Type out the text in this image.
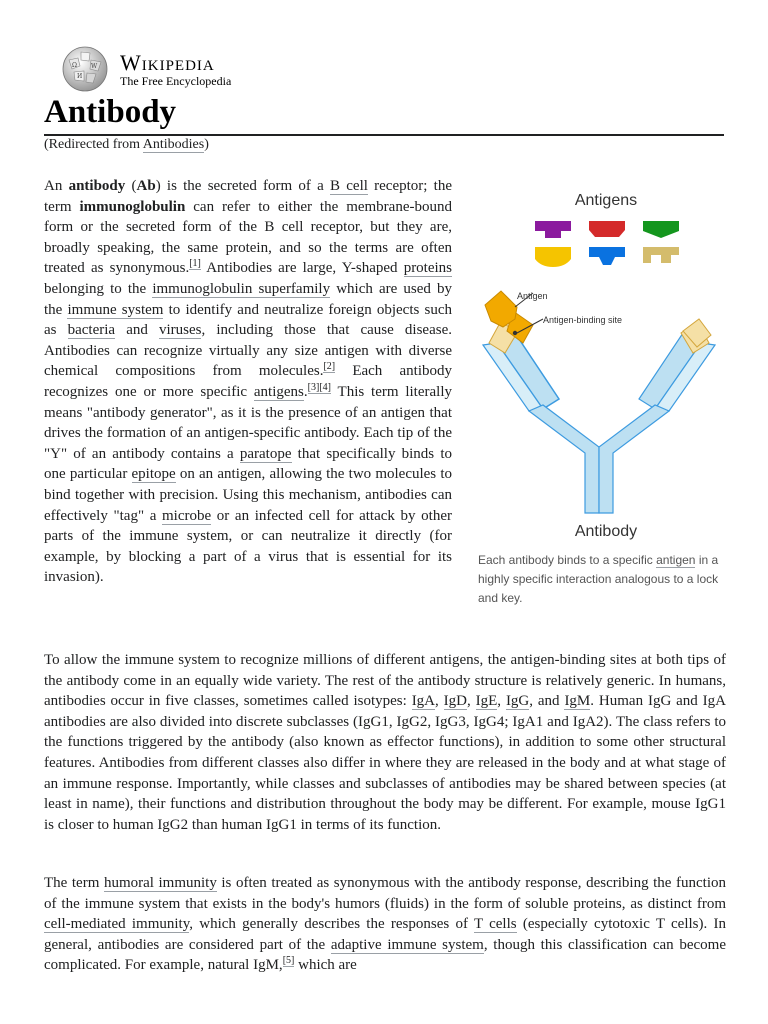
Ω W
И
Wikipedia
The Free Encyclopedia
Antibody
(Redirected from Antibodies)
Antigens
Antigen
Antigen-binding site
Antibody

Each antibody binds to a specific antigen in a highly specific interaction analogous to a lock and key.

An antibody (Ab) is the secreted form of a B cell receptor; the term immunoglobulin can refer to either the membrane-bound form or the secreted form of the B cell receptor, but they are, broadly speaking, the same protein, and so the terms are often treated as synonymous.[1] Antibodies are large, Y-shaped proteins belonging to the immunoglobulin superfamily which are used by the immune system to identify and neutralize foreign objects such as bacteria and viruses, including those that cause disease. Antibodies can recognize virtually any size antigen with diverse chemical compositions from molecules.[2] Each antibody recognizes one or more specific antigens.[3][4] This term literally means "antibody generator", as it is the presence of an antigen that drives the formation of an antigen-specific antibody. Each tip of the "Y" of an antibody contains a paratope that specifically binds to one particular epitope on an antigen, allowing the two molecules to bind together with precision. Using this mechanism, antibodies can effectively "tag" a microbe or an infected cell for attack by other parts of the immune system, or can neutralize it directly (for example, by blocking a part of a virus that is essential for its invasion).

To allow the immune system to recognize millions of different antigens, the antigen-binding sites at both tips of the antibody come in an equally wide variety. The rest of the antibody structure is relatively generic. In humans, antibodies occur in five classes, sometimes called isotypes: IgA, IgD, IgE, IgG, and IgM. Human IgG and IgA antibodies are also divided into discrete subclasses (IgG1, IgG2, IgG3, IgG4; IgA1 and IgA2). The class refers to the functions triggered by the antibody (also known as effector functions), in addition to some other structural features. Antibodies from different classes also differ in where they are released in the body and at what stage of an immune response. Importantly, while classes and subclasses of antibodies may be shared between species (at least in name), their functions and distribution throughout the body may be different. For example, mouse IgG1 is closer to human IgG2 than human IgG1 in terms of its function.

The term humoral immunity is often treated as synonymous with the antibody response, describing the function of the immune system that exists in the body's humors (fluids) in the form of soluble proteins, as distinct from cell-mediated immunity, which generally describes the responses of T cells (especially cytotoxic T cells). In general, antibodies are considered part of the adaptive immune system, though this classification can become complicated. For example, natural IgM,[5] which are
